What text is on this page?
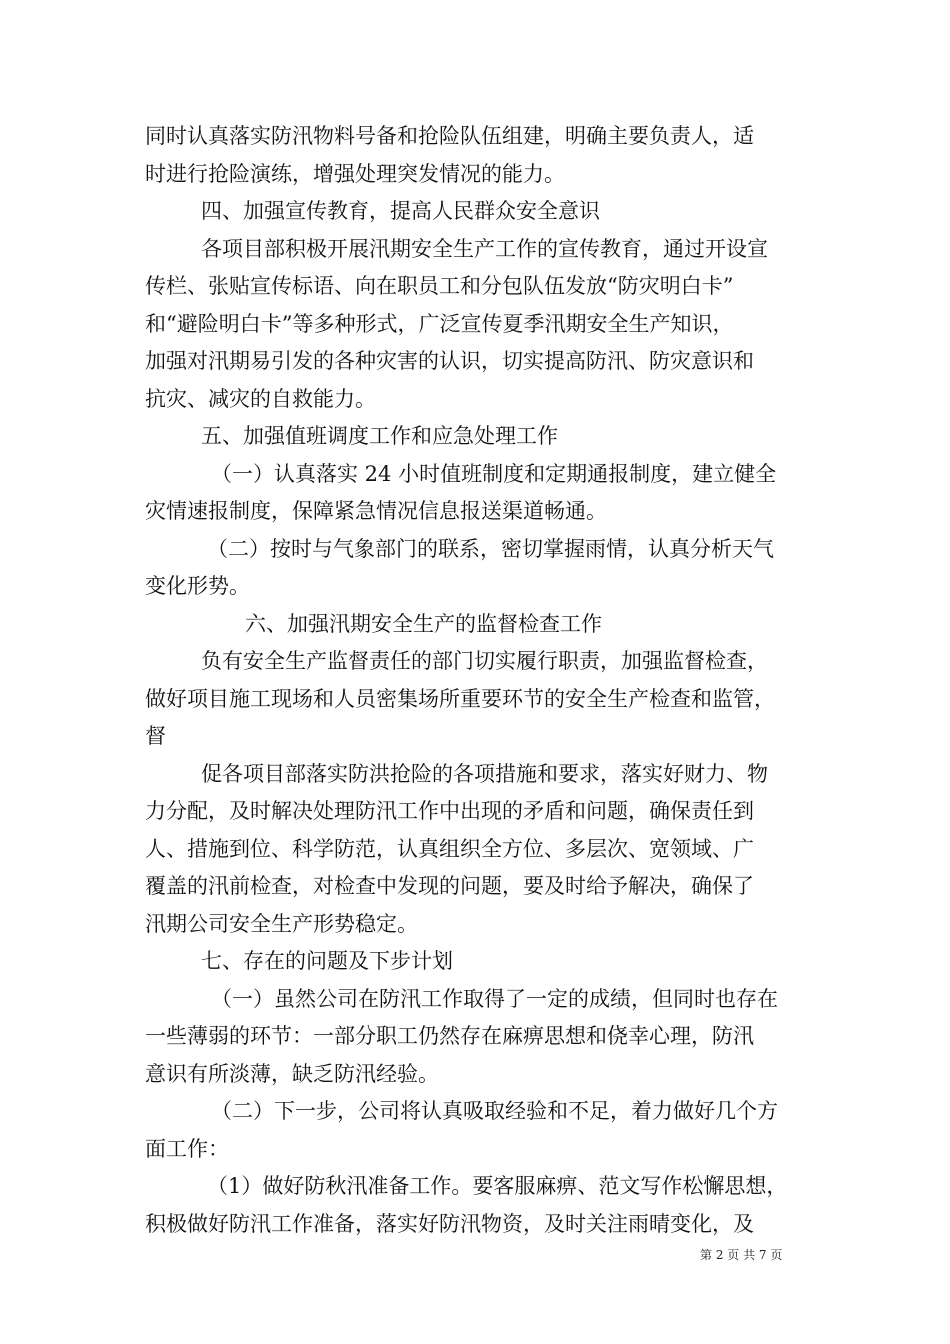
同时认真落实防汛物料号备和抢险队伍组建，明确主要负责人，适
时进行抢险演练，增强处理突发情况的能力。
四、加强宣传教育，提高人民群众安全意识
各项目部积极开展汛期安全生产工作的宣传教育，通过开设宣
传栏、张贴宣传标语、向在职员工和分包队伍发放“防灾明白卡”
和“避险明白卡”等多种形式，广泛宣传夏季汛期安全生产知识，
加强对汛期易引发的各种灾害的认识，切实提高防汛、防灾意识和
抗灾、减灾的自救能力。
五、加强值班调度工作和应急处理工作
（一）认真落实 24 小时值班制度和定期通报制度，建立健全
灾情速报制度，保障紧急情况信息报送渠道畅通。
（二）按时与气象部门的联系，密切掌握雨情，认真分析天气
变化形势。
六、加强汛期安全生产的监督检查工作
负有安全生产监督责任的部门切实履行职责，加强监督检查，
做好项目施工现场和人员密集场所重要环节的安全生产检查和监管，
督
促各项目部落实防洪抢险的各项措施和要求，落实好财力、物
力分配，及时解决处理防汛工作中出现的矛盾和问题，确保责任到
人、措施到位、科学防范，认真组织全方位、多层次、宽领域、广
覆盖的汛前检查，对检查中发现的问题，要及时给予解决，确保了
汛期公司安全生产形势稳定。
七、存在的问题及下步计划
（一）虽然公司在防汛工作取得了一定的成绩，但同时也存在
一些薄弱的环节：一部分职工仍然存在麻痹思想和侥幸心理，防汛
意识有所淡薄，缺乏防汛经验。
（二）下一步，公司将认真吸取经验和不足，着力做好几个方
面工作：
（1）做好防秋汛准备工作。要客服麻痹、范文写作松懈思想，
积极做好防汛工作准备，落实好防汛物资，及时关注雨晴变化，及
第 2 页 共 7 页
